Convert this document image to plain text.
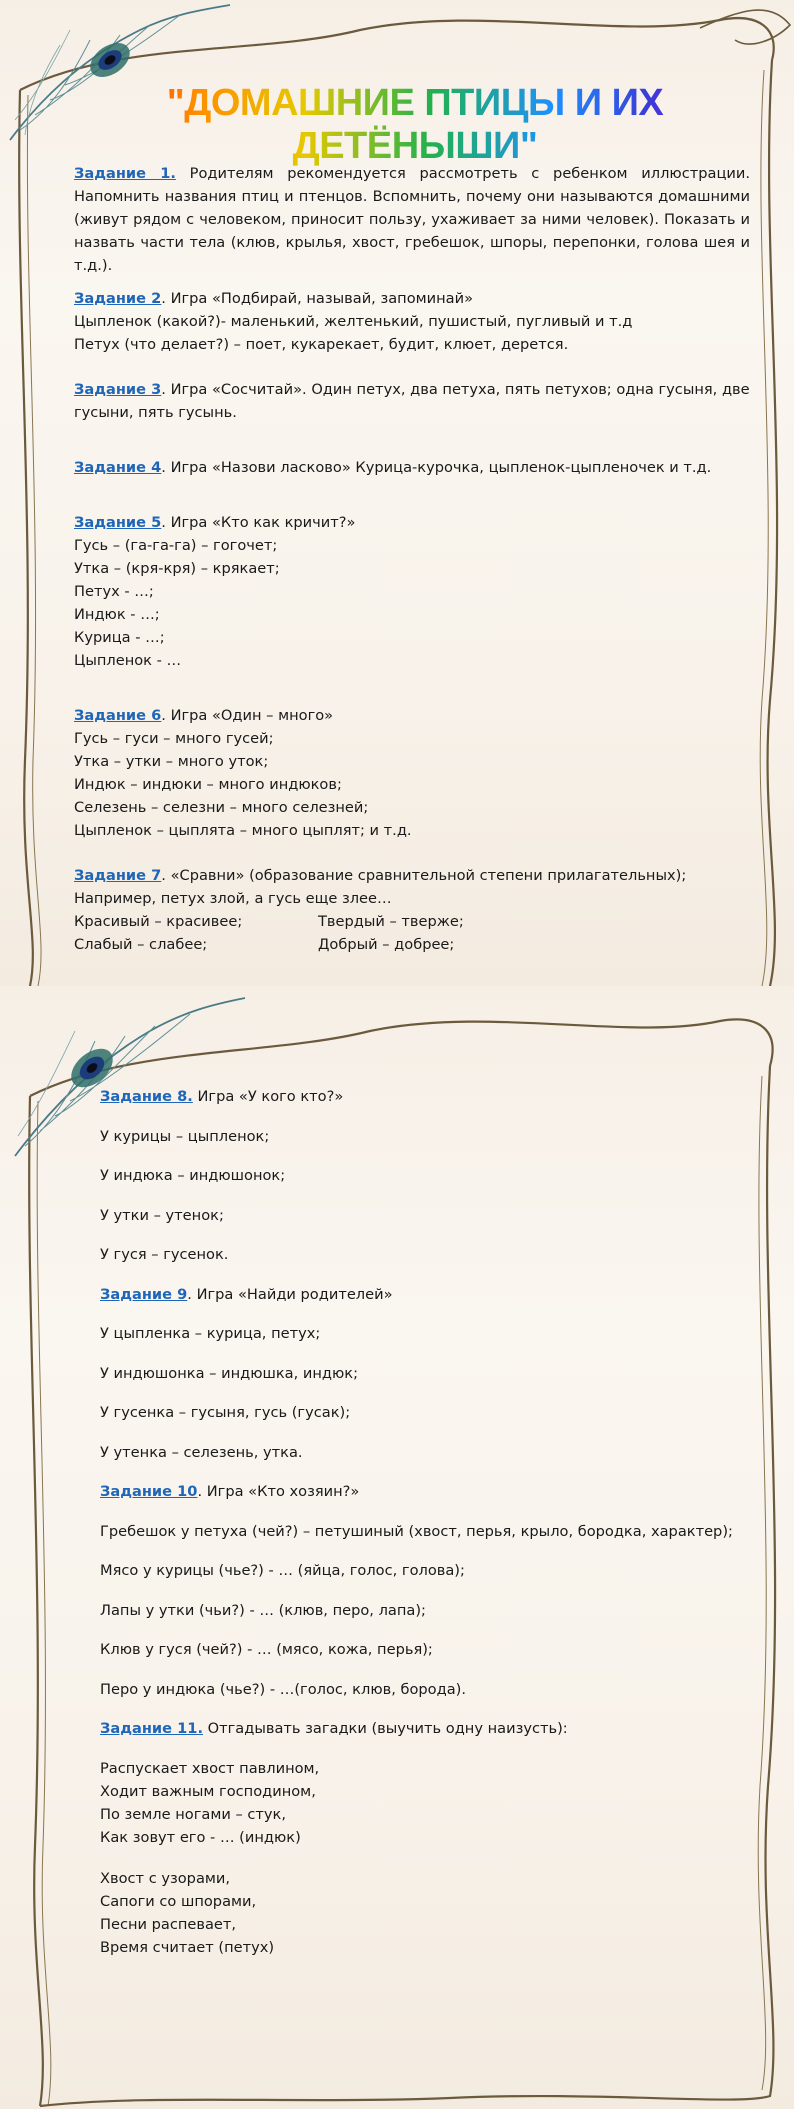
"ДОМАШНИЕ ПТИЦЫ И ИХ ДЕТЁНЫШИ"

Задание 1. Родителям рекомендуется рассмотреть с ребенком иллюстрации. Напомнить названия птиц и птенцов. Вспомнить, почему они называются домашними (живут рядом с человеком, приносит пользу, ухаживает за ними человек). Показать и назвать части тела (клюв, крылья, хвост, гребешок, шпоры, перепонки, голова шея и т.д.).

Задание 2. Игра «Подбирай, называй, запоминай»

Цыпленок (какой?)- маленький, желтенький, пушистый, пугливый и т.д

Петух (что делает?) – поет, кукарекает, будит, клюет, дерется.

Задание 3. Игра «Сосчитай». Один петух, два петуха, пять петухов; одна гусыня, две гусыни, пять гусынь.

Задание 4. Игра «Назови ласково» Курица-курочка, цыпленок-цыпленочек и т.д.

Задание 5. Игра «Кто как кричит?»

Гусь – (га-га-га) – гогочет;

Утка – (кря-кря) – крякает;

Петух - …;

Индюк - …;

Курица - …;

Цыпленок - …

Задание 6. Игра «Один – много»

Гусь – гуси – много гусей;

Утка – утки – много уток;

Индюк – индюки – много индюков;

Селезень – селезни – много селезней;

Цыпленок – цыплята – много цыплят; и т.д.

Задание 7. «Сравни» (образование сравнительной степени прилагательных);

Например, петух злой, а гусь еще злее…

Красивый – красивее;	Твердый – тверже;

Слабый – слабее;	Добрый – добрее;

Задание 8. Игра «У кого кто?»

У курицы – цыпленок;

У индюка – индюшонок;

У утки – утенок;

У гуся – гусенок.

Задание 9. Игра «Найди родителей»

У цыпленка – курица, петух;

У индюшонка – индюшка, индюк;

У гусенка – гусыня, гусь (гусак);

У утенка – селезень, утка.

Задание 10. Игра «Кто хозяин?»

Гребешок у петуха (чей?) – петушиный (хвост, перья, крыло, бородка, характер);

Мясо у курицы (чье?) - … (яйца, голос, голова);

Лапы у утки (чьи?) - … (клюв, перо, лапа);

Клюв у гуся (чей?) - … (мясо, кожа, перья);

Перо у индюка (чье?) - …(голос, клюв, борода).

Задание 11. Отгадывать загадки (выучить одну наизусть):

Распускает хвост павлином,

Ходит важным господином,

По земле ногами – стук,

Как зовут его - … (индюк)

Хвост с узорами,

Сапоги со шпорами,

Песни распевает,

Время считает (петух)
